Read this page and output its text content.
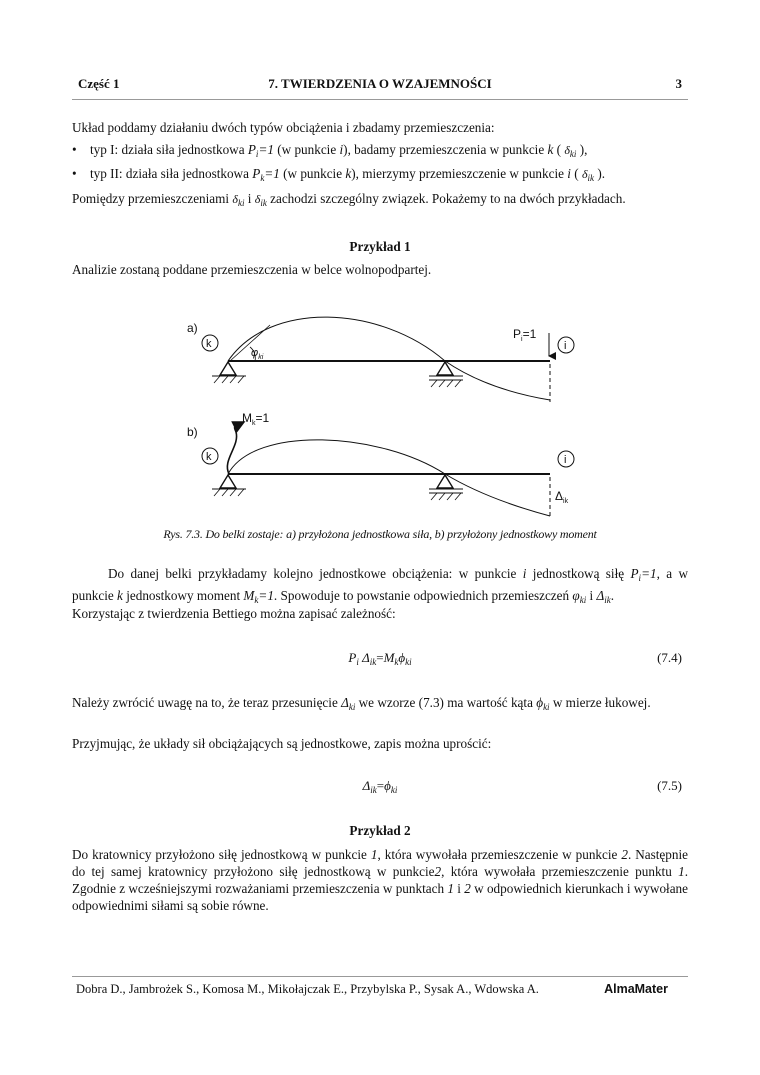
Część 1	7. TWIERDZENIA O WZAJEMNOŚCI	3
Układ poddamy działaniu dwóch typów obciążenia i zbadamy przemieszczenia:
• typ I: działa siła jednostkowa $P_i=1$ (w punkcie i), badamy przemieszczenia w punkcie k ( $\delta_{ki}$ ),
• typ II: działa siła jednostkowa $P_k=1$ (w punkcie k), mierzymy przemieszczenie w punkcie i ( $\delta_{ik}$ ).
Pomiędzy przemieszczeniami $\delta_{ki}$ i $\delta_{ik}$ zachodzi szczególny związek. Pokażemy to na dwóch przykładach.
Przykład 1
Analizie zostaną poddane przemieszczenia w belce wolnopodpartej.
a)
k
$\varphi_{ki}$
$P_i=1$
i
b)
$M_k=1$
k	i
$\Delta_{ik}$
Rys. 7.3. Do belki zostaje: a) przyłożona jednostkowa siła, b) przyłożony jednostkowy moment
Do danej belki przykładamy kolejno jednostkowe obciążenia: w punkcie i jednostkową siłę $P_i=1$, a w punkcie k jednostkowy moment $M_k=1$. Spowoduje to powstanie odpowiednich przemieszczeń $\varphi_{ki}$ i $\Delta_{ik}$.
Korzystając z twierdzenia Bettiego można zapisać zależność:
$P_i$ $\Delta_{ik}=M_k\phi_{ki}$	(7.4)
Należy zwrócić uwagę na to, że teraz przesunięcie $\Delta_{ki}$ we wzorze (7.3) ma wartość kąta $\phi_{ki}$ w mierze łukowej.
Przyjmując, że układy sił obciążających są jednostkowe, zapis można uprościć:
$\Delta_{ik}=\phi_{ki}$	(7.5)
Przykład 2
Do kratownicy przyłożono siłę jednostkową w punkcie 1, która wywołała przemieszczenie w punkcie 2. Następnie do tej samej kratownicy przyłożono siłę jednostkową w punkcie2, która wywołała przemieszczenie punktu 1. Zgodnie z wcześniejszymi rozważaniami przemieszczenia w punktach 1 i 2 w odpowiednich kierunkach i wywołane odpowiednimi siłami są sobie równe.
Dobra D., Jambrożek S., Komosa M., Mikołajczak E., Przybylska P., Sysak A., Wdowska A.	AlmaMater
